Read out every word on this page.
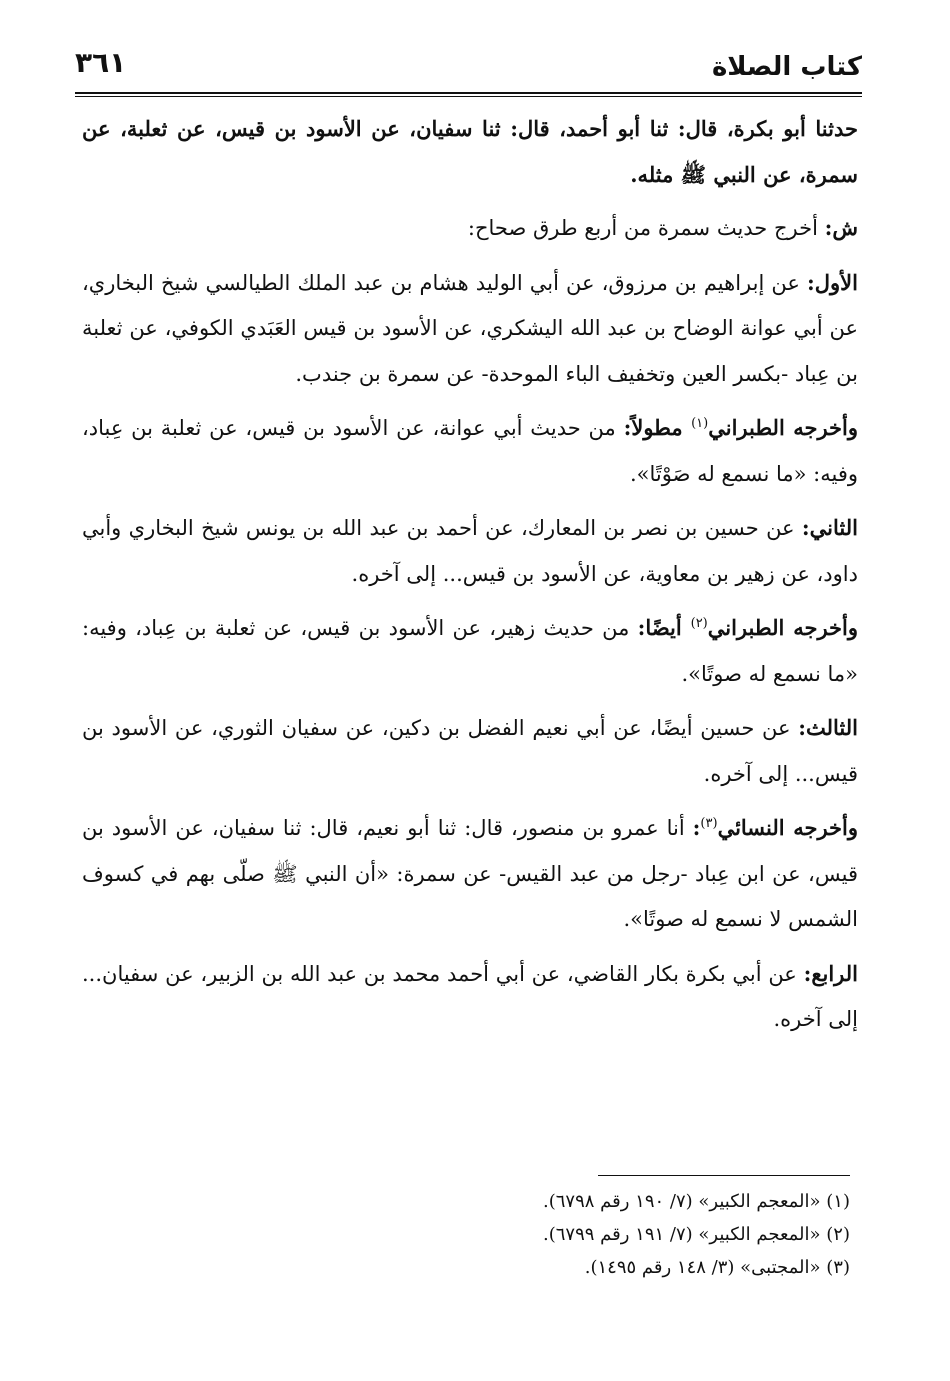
كتاب الصلاة
٣٦١

حدثنا أبو بكرة، قال: ثنا أبو أحمد، قال: ثنا سفيان، عن الأسود بن قيس، عن ثعلبة، عن سمرة، عن النبي ﷺ مثله.

ش: أخرج حديث سمرة من أربع طرق صحاح:

الأول: عن إبراهيم بن مرزوق، عن أبي الوليد هشام بن عبد الملك الطيالسي شيخ البخاري، عن أبي عوانة الوضاح بن عبد الله اليشكري، عن الأسود بن قيس العَبَدي الكوفي، عن ثعلبة بن عِباد -بكسر العين وتخفيف الباء الموحدة- عن سمرة بن جندب.

وأخرجه الطبراني$^{(١)}$ مطولاً: من حديث أبي عوانة، عن الأسود بن قيس، عن ثعلبة بن عِباد، وفيه: «ما نسمع له صَوْتًا».

الثاني: عن حسين بن نصر بن المعارك، عن أحمد بن عبد الله بن يونس شيخ البخاري وأبي داود، عن زهير بن معاوية، عن الأسود بن قيس... إلى آخره.

وأخرجه الطبراني$^{(٢)}$ أيضًا: من حديث زهير، عن الأسود بن قيس، عن ثعلبة بن عِباد، وفيه: «ما نسمع له صوتًا».

الثالث: عن حسين أيضًا، عن أبي نعيم الفضل بن دكين، عن سفيان الثوري، عن الأسود بن قيس... إلى آخره.

وأخرجه النسائي$^{(٣)}$: أنا عمرو بن منصور، قال: ثنا أبو نعيم، قال: ثنا سفيان، عن الأسود بن قيس، عن ابن عِباد -رجل من عبد القيس- عن سمرة: «أن النبي ﷺ صلّى بهم في كسوف الشمس لا نسمع له صوتًا».

الرابع: عن أبي بكرة بكار القاضي، عن أبي أحمد محمد بن عبد الله بن الزبير، عن سفيان... إلى آخره.

(١) «المعجم الكبير» (٧/ ١٩٠ رقم ٦٧٩٨).
(٢) «المعجم الكبير» (٧/ ١٩١ رقم ٦٧٩٩).
(٣) «المجتبى» (٣/ ١٤٨ رقم ١٤٩٥).
